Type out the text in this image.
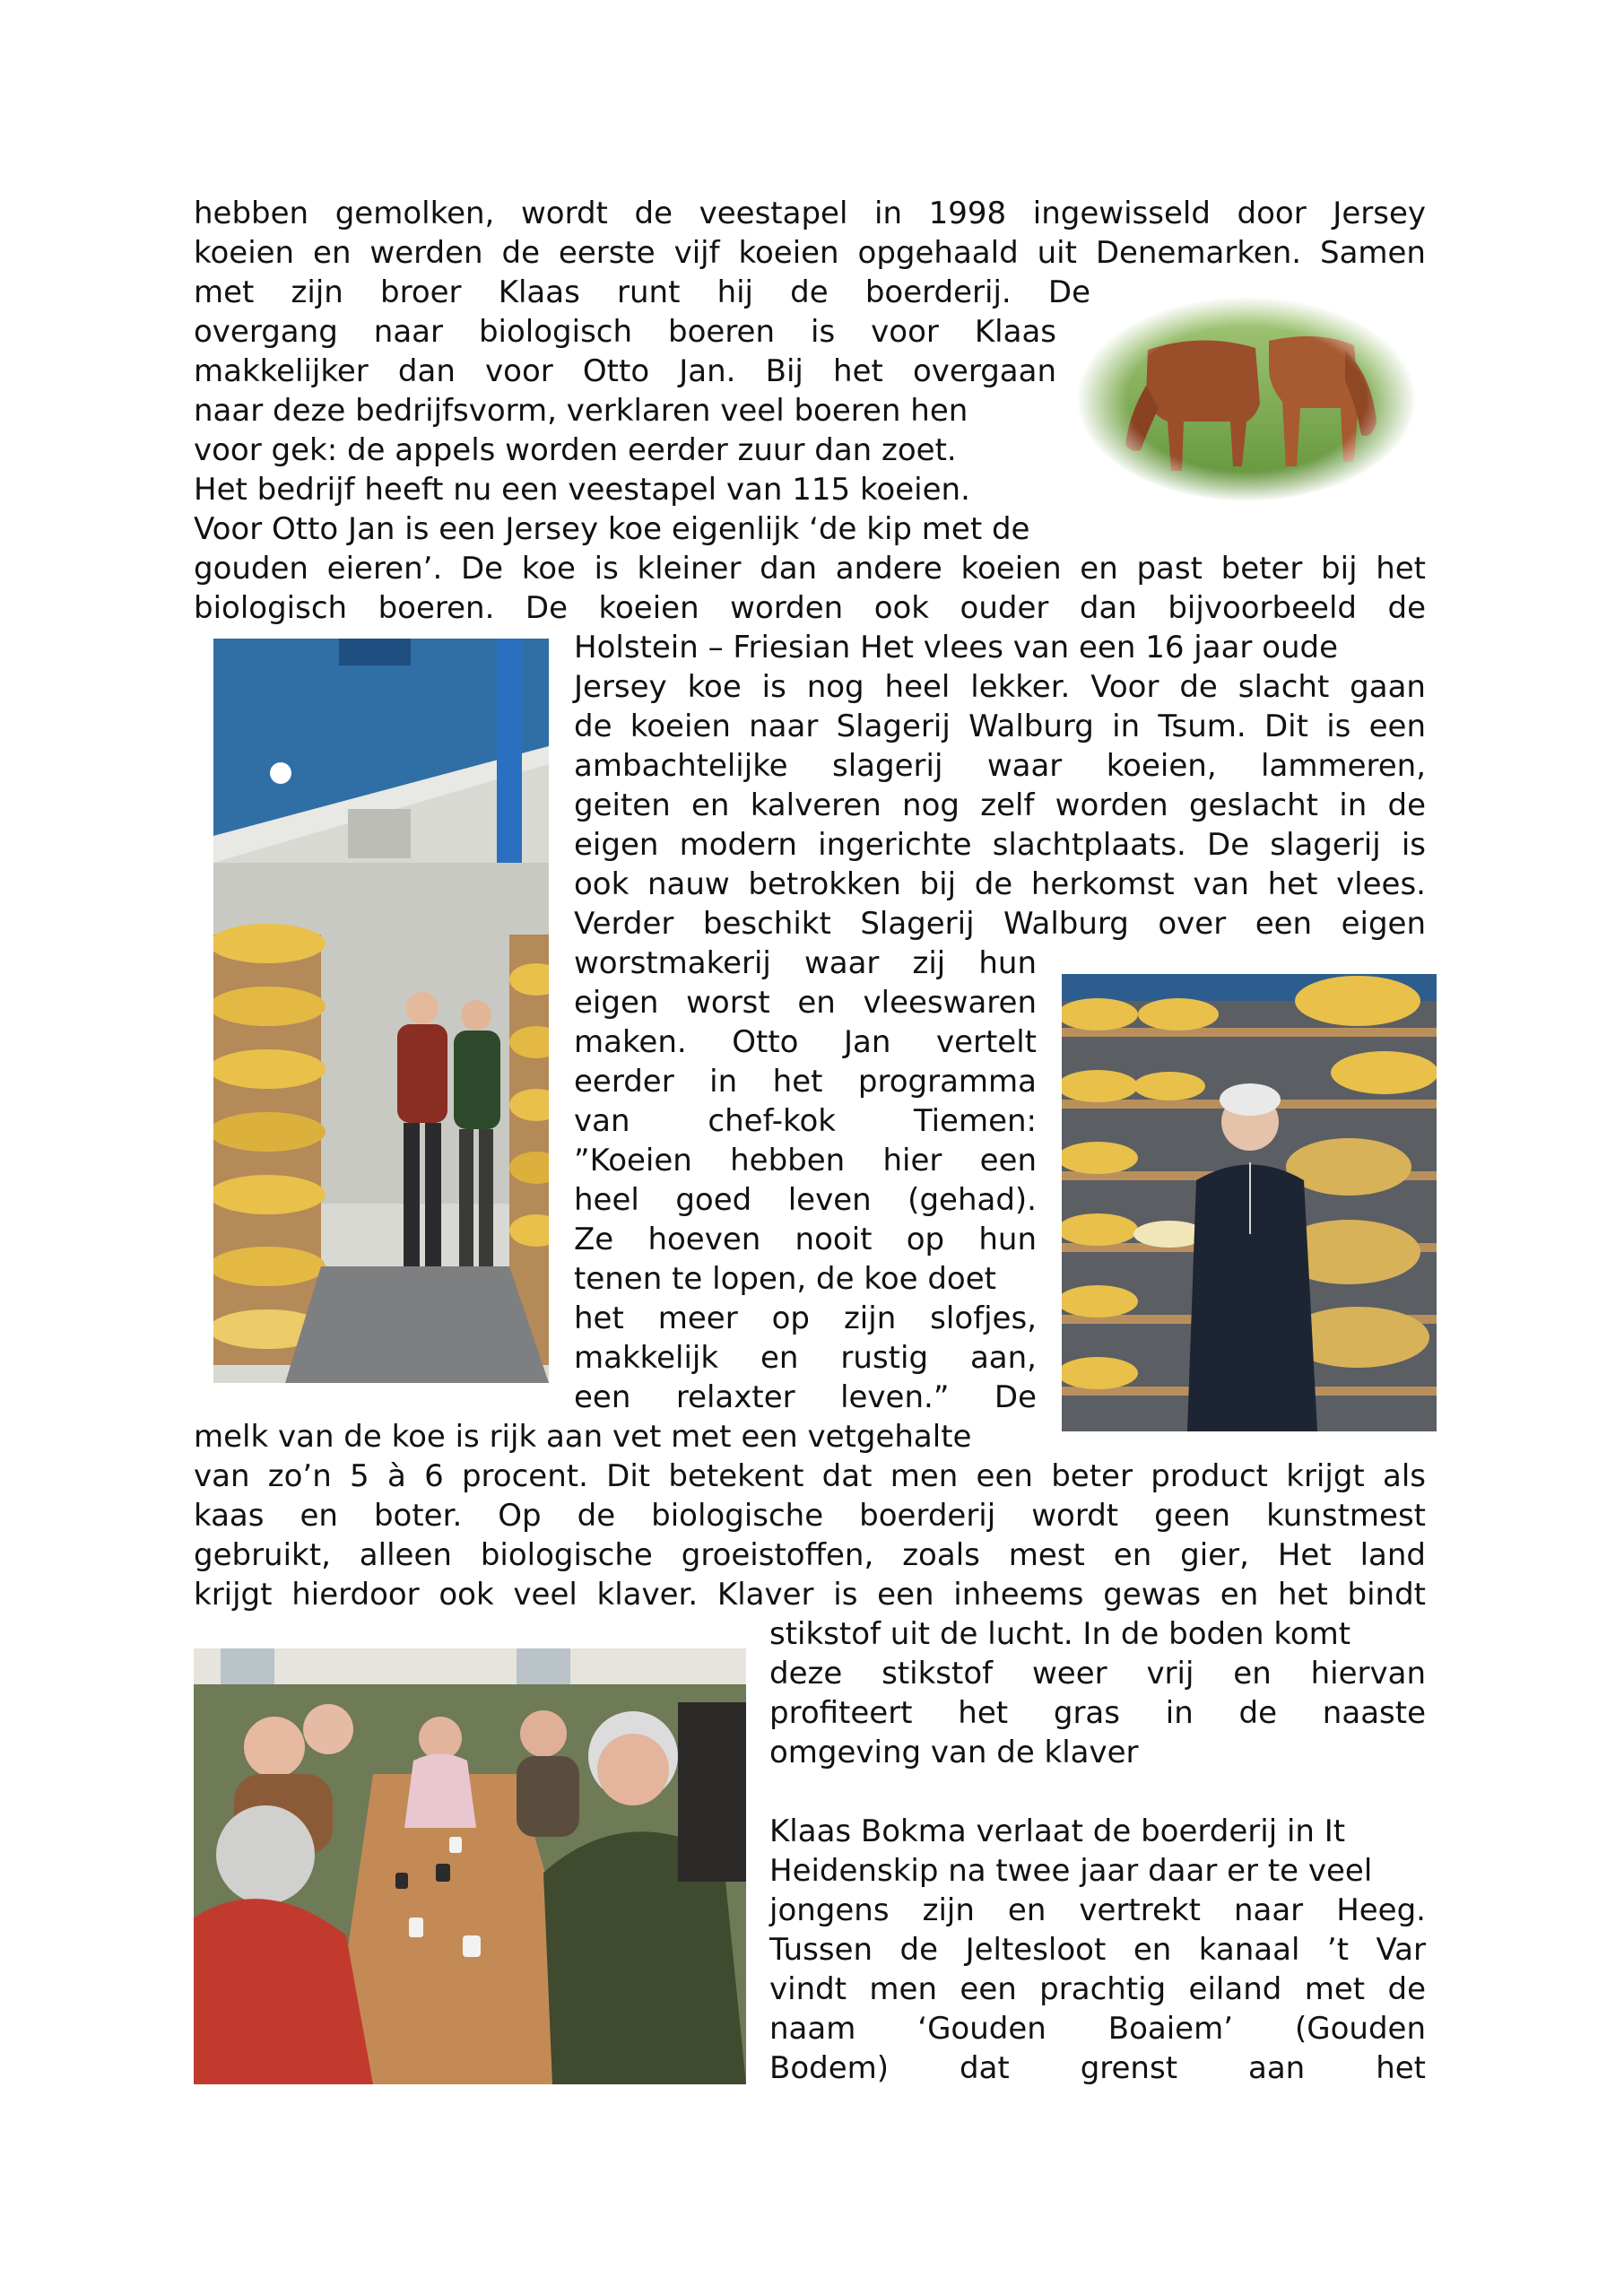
hebben gemolken, wordt de veestapel in 1998 ingewisseld door Jersey
koeien en werden de eerste vijf koeien opgehaald uit Denemarken. Samen
met zijn broer Klaas runt hij de boerderij. De
overgang naar biologisch boeren is voor Klaas
makkelijker dan voor Otto Jan. Bij het overgaan
naar deze bedrijfsvorm, verklaren veel boeren hen
voor gek: de appels worden eerder zuur dan zoet.
Het bedrijf heeft nu een veestapel van 115 koeien.
Voor Otto Jan is een Jersey koe eigenlijk ‘de kip met de
gouden eieren’. De koe is kleiner dan andere koeien en past beter bij het
biologisch boeren. De koeien worden ook ouder dan bijvoorbeeld de
Holstein – Friesian Het vlees van een 16 jaar oude
Jersey koe is nog heel lekker. Voor de slacht gaan
de koeien naar Slagerij Walburg in Tsum. Dit is een
ambachtelijke slagerij waar koeien, lammeren,
geiten en kalveren nog zelf worden geslacht in de
eigen modern ingerichte slachtplaats. De slagerij is
ook nauw betrokken bij de herkomst van het vlees.
Verder beschikt Slagerij Walburg over een eigen
worstmakerij waar zij hun
eigen worst en vleeswaren
maken. Otto Jan vertelt
eerder in het programma
van chef-kok Tiemen:
”Koeien hebben hier een
heel goed leven (gehad).
Ze hoeven nooit op hun
tenen te lopen, de koe doet
het meer op zijn slofjes,
makkelijk en rustig aan,
een relaxter leven.” De
melk van de koe is rijk aan vet met een vetgehalte
van zo’n 5 à 6 procent. Dit betekent dat men een beter product krijgt als
kaas en boter. Op de biologische boerderij wordt geen kunstmest
gebruikt, alleen biologische groeistoffen, zoals mest en gier, Het land
krijgt hierdoor ook veel klaver. Klaver is een inheems gewas en het bindt
stikstof uit de lucht. In de boden komt
deze stikstof weer vrij en hiervan
profiteert het gras in de naaste
omgeving van de klaver
Klaas Bokma verlaat de boerderij in It
Heidenskip na twee jaar daar er te veel
jongens zijn en vertrekt naar Heeg.
Tussen de Jeltesloot en kanaal ’t Var
vindt men een prachtig eiland met de
naam ‘Gouden Boaiem’ (Gouden
Bodem) dat grenst aan het
